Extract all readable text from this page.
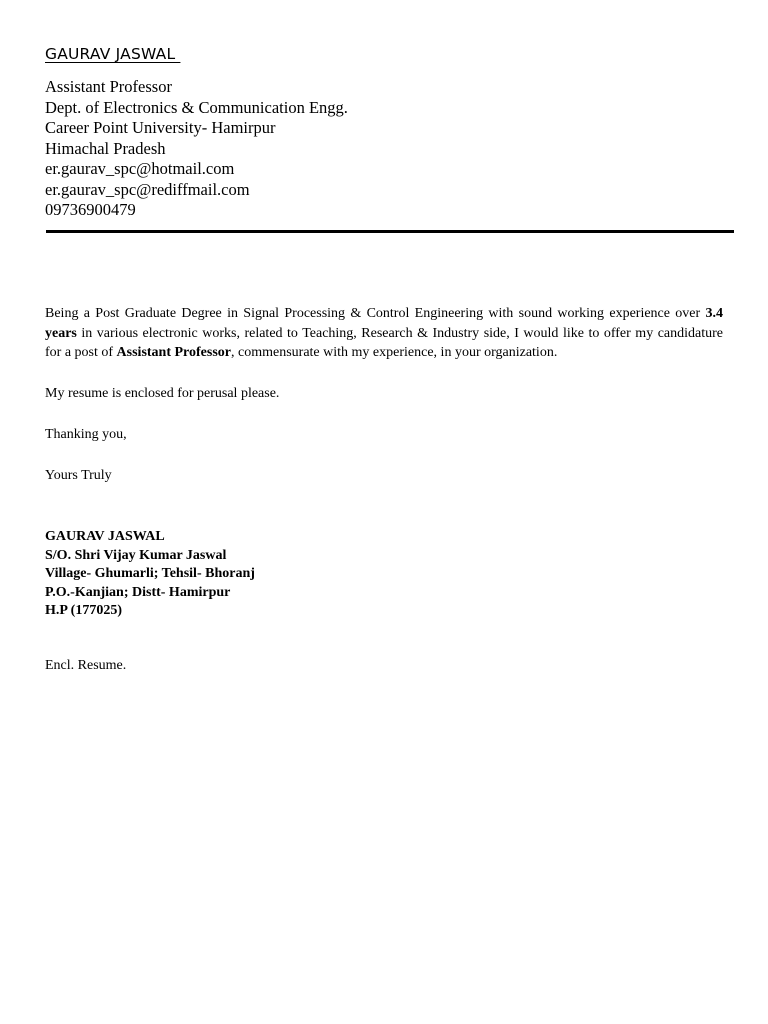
GAURAV JASWAL
Assistant Professor
Dept. of Electronics & Communication Engg.
Career Point University- Hamirpur
Himachal Pradesh
er.gaurav_spc@hotmail.com
er.gaurav_spc@rediffmail.com
09736900479
Being a Post Graduate Degree in Signal Processing & Control Engineering with sound working experience over 3.4 years in various electronic works, related to Teaching, Research & Industry side, I would like to offer my candidature for a post of Assistant Professor, commensurate with my experience, in your organization.
My resume is enclosed for perusal please.
Thanking you,
Yours Truly
GAURAV JASWAL
S/O. Shri Vijay Kumar Jaswal
Village- Ghumarli; Tehsil- Bhoranj
P.O.-Kanjian; Distt- Hamirpur
H.P (177025)
Encl. Resume.
